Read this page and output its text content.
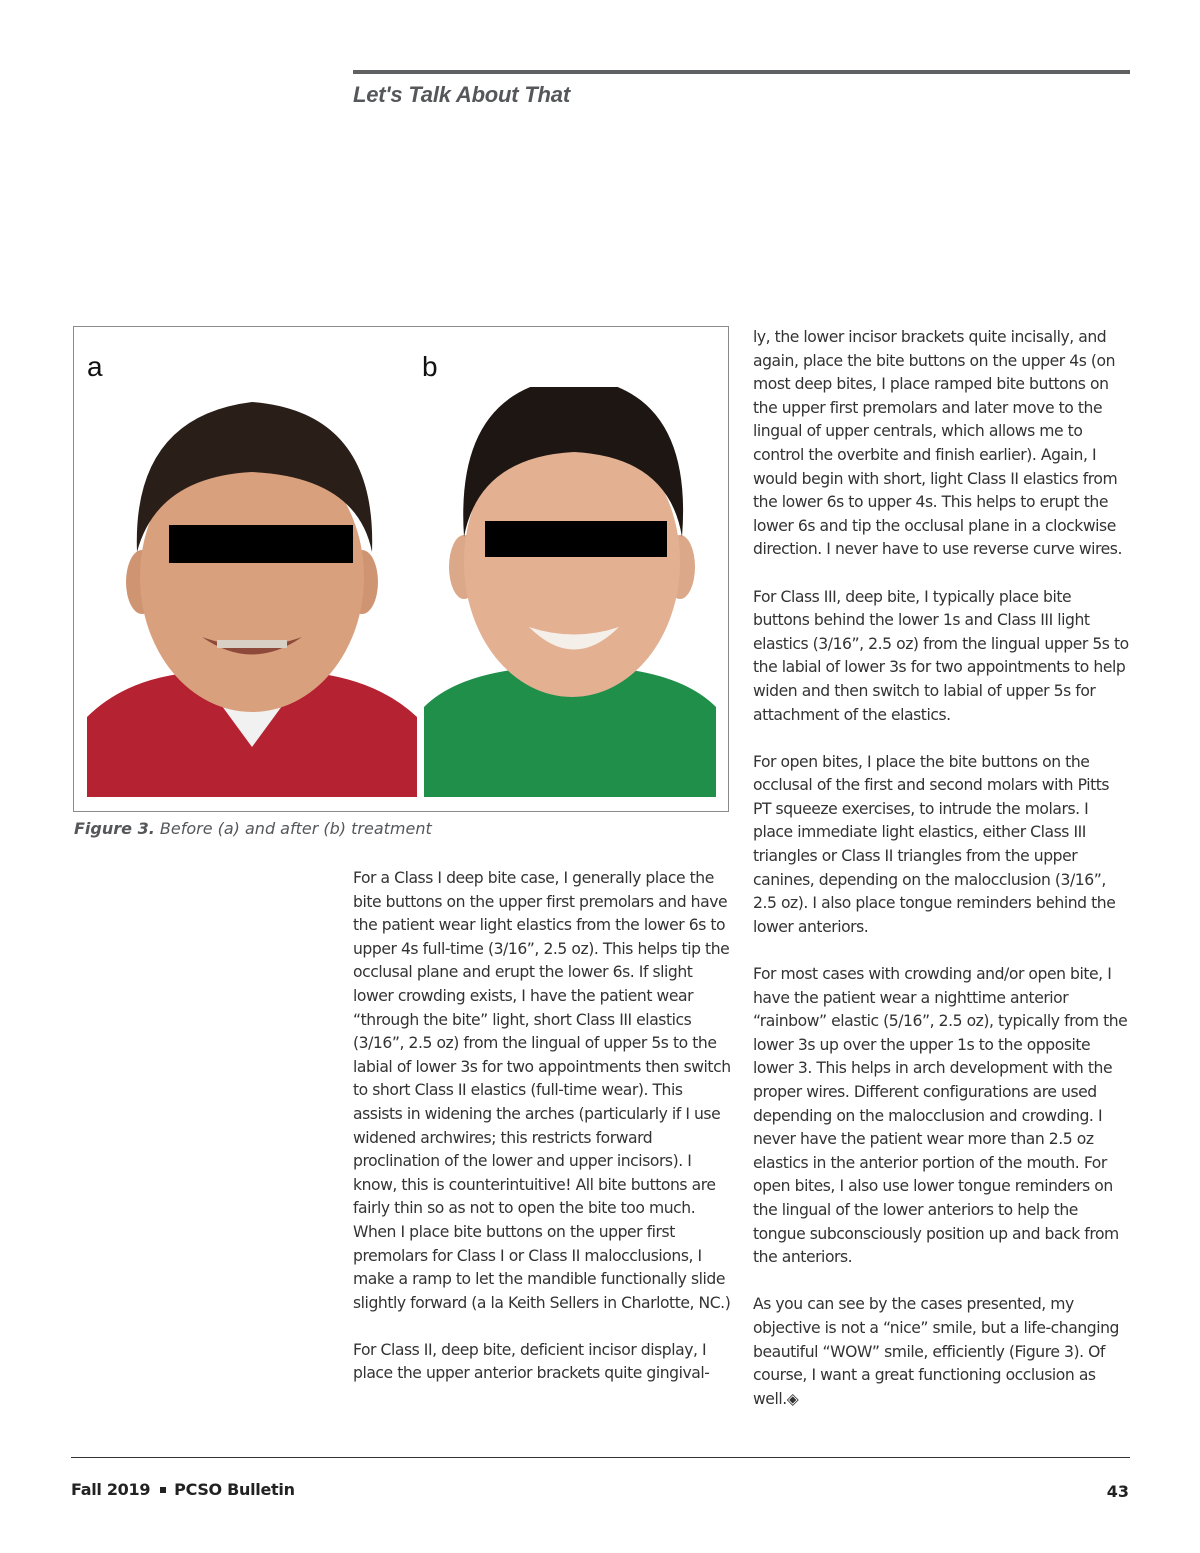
Let's Talk About That
a	b

Figure 3. Before (a) and after (b) treatment

For a Class I deep bite case, I generally place the bite buttons on the upper first premolars and have the patient wear light elastics from the lower 6s to upper 4s full-time (3/16”, 2.5 oz). This helps tip the occlusal plane and erupt the lower 6s. If slight lower crowding exists, I have the patient wear “through the bite” light, short Class III elastics (3/16”, 2.5 oz) from the lingual of upper 5s to the labial of lower 3s for two appointments then switch to short Class II elastics (full-time wear). This assists in widening the arches (particularly if I use widened archwires; this restricts forward proclination of the lower and upper incisors). I know, this is counterintuitive! All bite buttons are fairly thin so as not to open the bite too much. When I place bite buttons on the upper first premolars for Class I or Class II malocclusions, I make a ramp to let the mandible functionally slide slightly forward (a la Keith Sellers in Charlotte, NC.)

For Class II, deep bite, deficient incisor display, I place the upper anterior brackets quite gingival-

ly, the lower incisor brackets quite incisally, and again, place the bite buttons on the upper 4s (on most deep bites, I place ramped bite buttons on the upper first premolars and later move to the lingual of upper centrals, which allows me to control the overbite and finish earlier). Again, I would begin with short, light Class II elastics from the lower 6s to upper 4s. This helps to erupt the lower 6s and tip the occlusal plane in a clockwise direction. I never have to use reverse curve wires.

For Class III, deep bite, I typically place bite buttons behind the lower 1s and Class III light elastics (3/16”, 2.5 oz) from the lingual upper 5s to the labial of lower 3s for two appointments to help widen and then switch to labial of upper 5s for attachment of the elastics.

For open bites, I place the bite buttons on the occlusal of the first and second molars with Pitts PT squeeze exercises, to intrude the molars. I place immediate light elastics, either Class III triangles or Class II triangles from the upper canines, depending on the malocclusion (3/16”, 2.5 oz). I also place tongue reminders behind the lower anteriors.

For most cases with crowding and/or open bite, I have the patient wear a nighttime anterior “rainbow” elastic (5/16”, 2.5 oz), typically from the lower 3s up over the upper 1s to the opposite lower 3. This helps in arch development with the proper wires. Different configurations are used depending on the malocclusion and crowding. I never have the patient wear more than 2.5 oz elastics in the anterior portion of the mouth. For open bites, I also use lower tongue reminders on the lingual of the lower anteriors to help the tongue subconsciously position up and back from the anteriors.

As you can see by the cases presented, my objective is not a “nice” smile, but a life-changing beautiful “WOW” smile, efficiently (Figure 3). Of course, I want a great functioning occlusion as well.◈

Fall 2019 PCSO Bulletin	43
